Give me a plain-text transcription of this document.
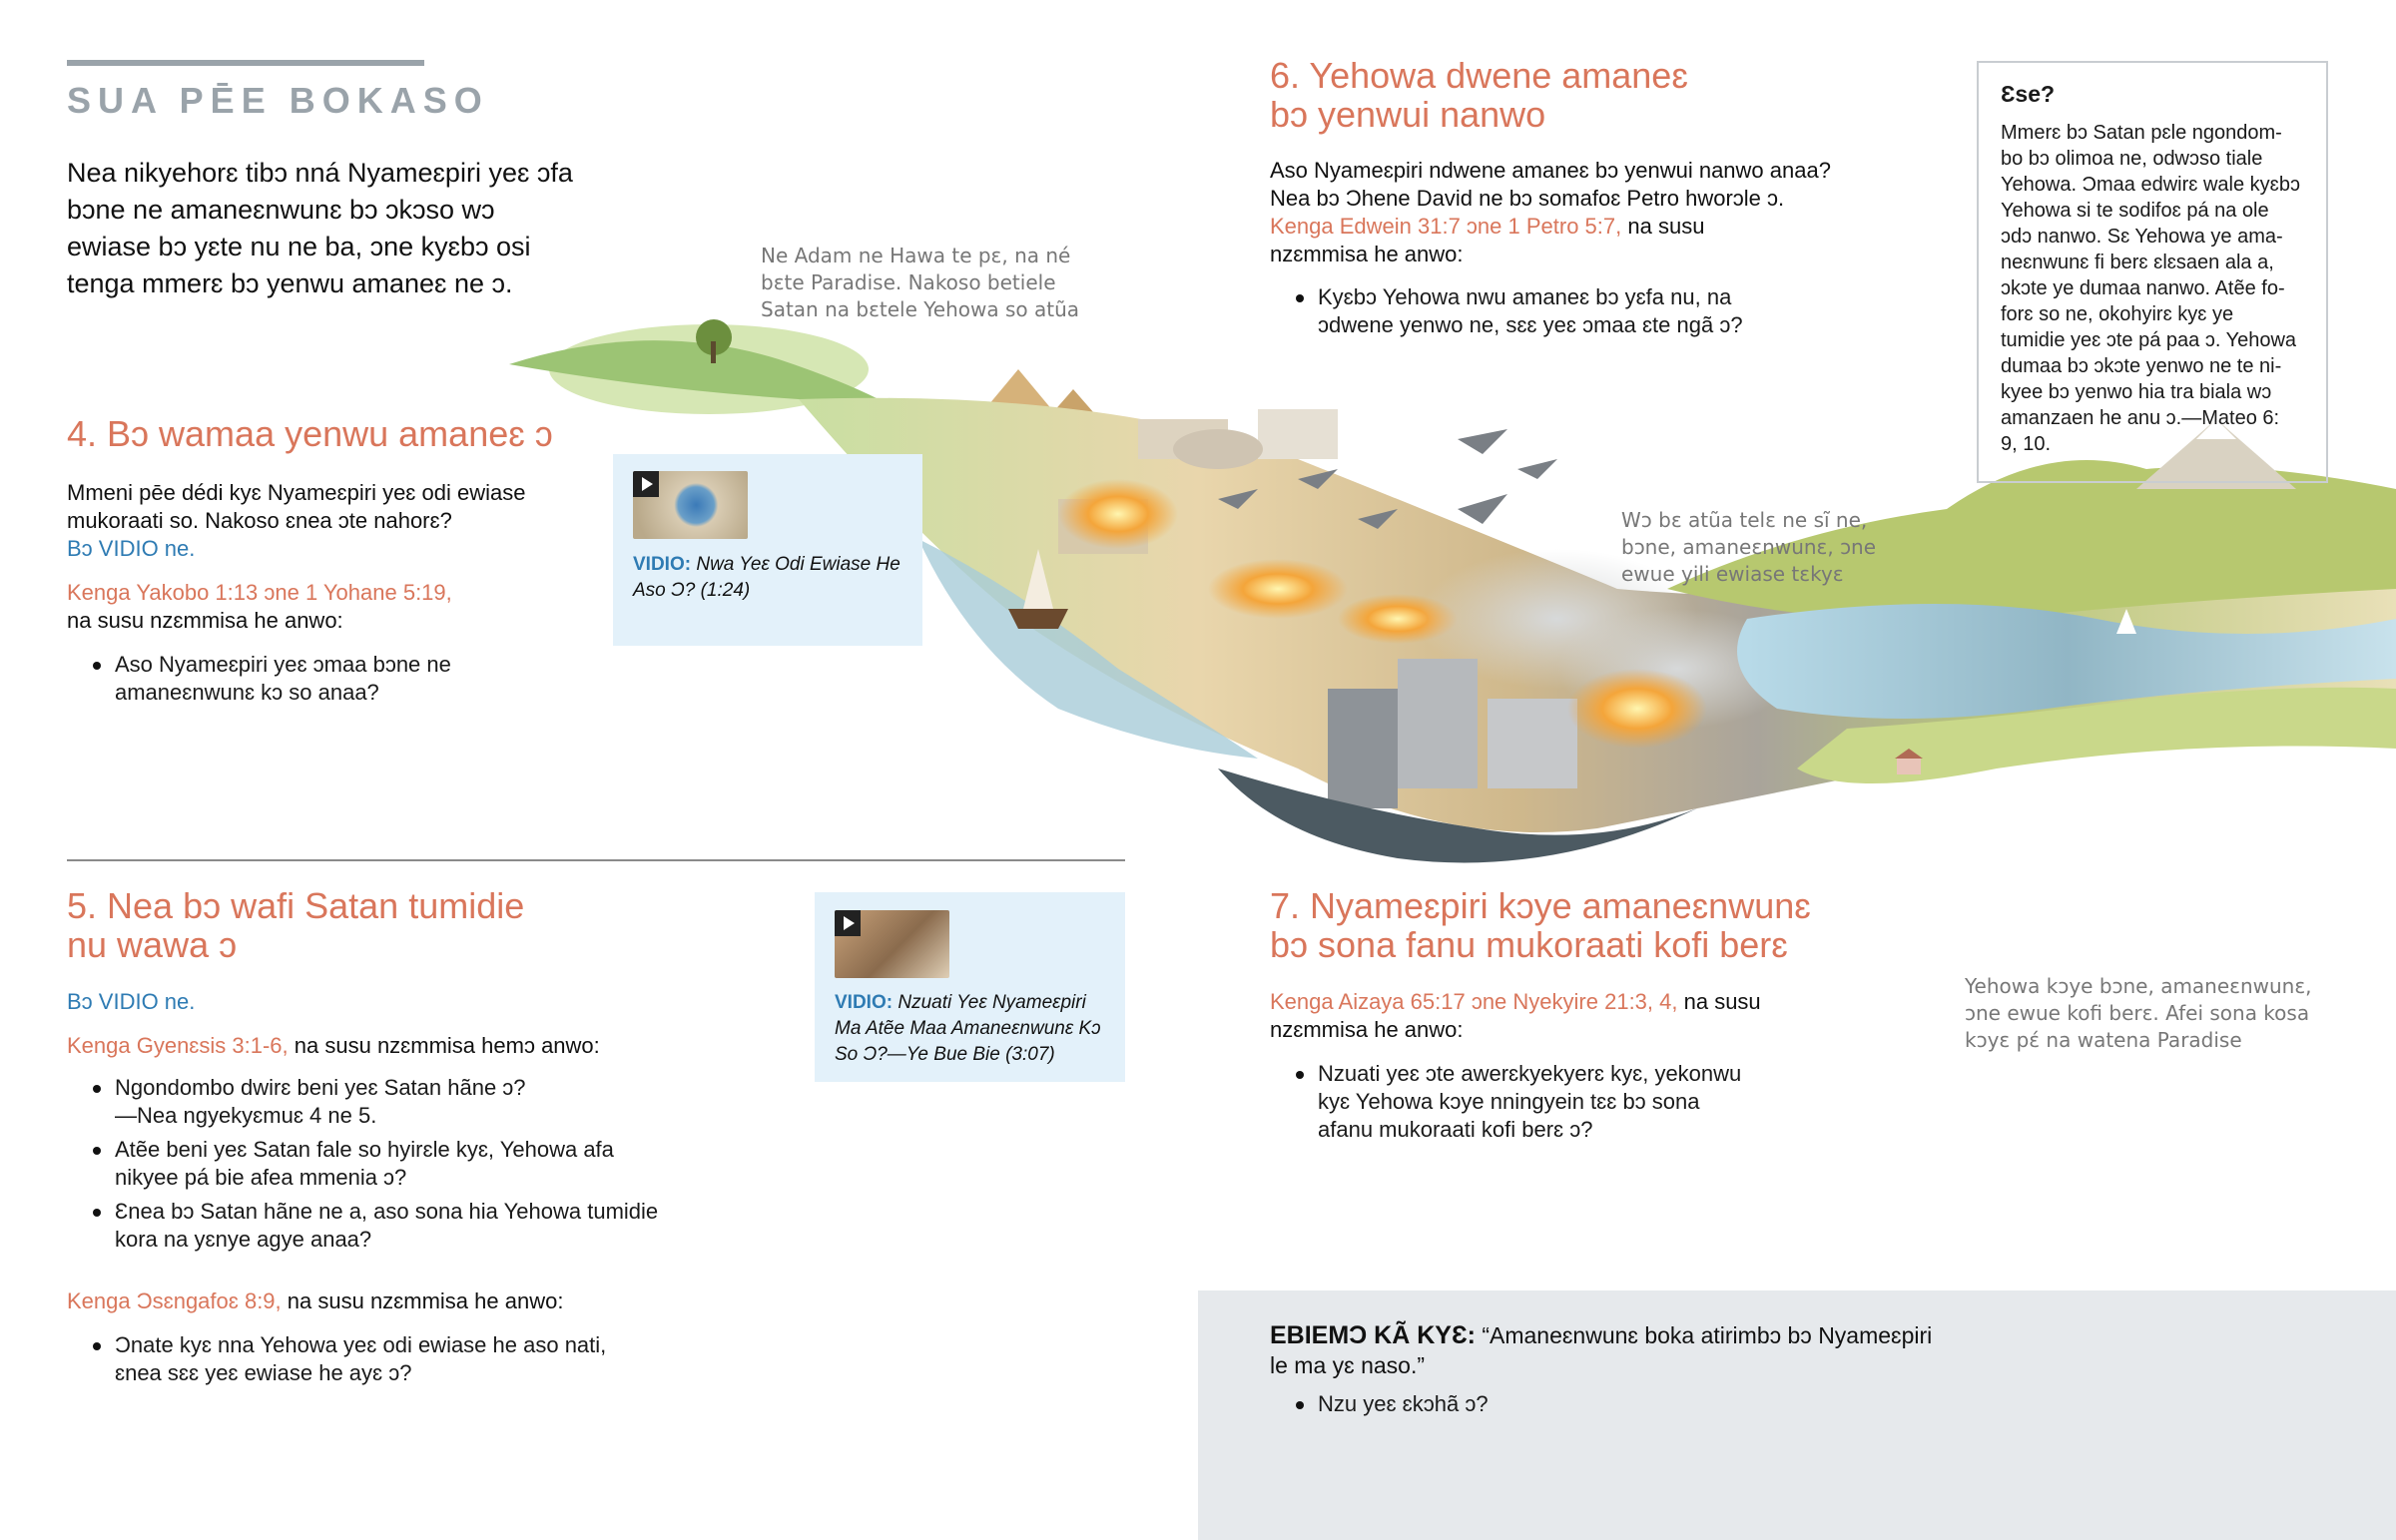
SUA PĒE BOKASO
Nea nikyehorɛ tibɔ nná Nyameɛpiri yeɛ ɔfa bɔne ne amaneɛnwunɛ bɔ ɔkɔso wɔ ewiase bɔ yɛte nu ne ba, ɔne kyɛbɔ osi tenga mmerɛ bɔ yenwu amaneɛ ne ɔ.
Ne Adam ne Hawa te pɛ, na né
bɛte Paradise. Nakoso betiele
Satan na bɛtele Yehowa so atũa
4. Bɔ wamaa yenwu amaneɛ ɔ
Mmeni pēe dédi kyɛ Nyameɛpiri yeɛ odi ewiase mukoraati so. Nakoso ɛnea ɔte nahorɛ?
Bɔ VIDIO ne.
Kenga Yakobo 1:13 ɔne 1 Yohane 5:19,
na susu nzɛmmisa he anwo:
Aso Nyameɛpiri yeɛ ɔmaa bɔne ne amaneɛnwunɛ kɔ so anaa?
VIDIO: Nwa Yeɛ Odi Ewiase He Aso Ɔ? (1:24)
5. Nea bɔ wafi Satan tumidie
nu wawa ɔ
Bɔ VIDIO ne.
Kenga Gyenɛsis 3:1-6, na susu nzɛmmisa hemɔ anwo:
Ngondombo dwirɛ beni yeɛ Satan hãne ɔ?
—Nea ngyekyɛmuɛ 4 ne 5.
Atẽe beni yeɛ Satan fale so hyirɛle kyɛ, Yehowa afa
nikyee pá bie afea mmenia ɔ?
Ɛnea bɔ Satan hãne ne a, aso sona hia Yehowa tumidie
kora na yɛnye agye anaa?
Kenga Ɔsɛngafoɛ 8:9, na susu nzɛmmisa he anwo:
Ɔnate kyɛ nna Yehowa yeɛ odi ewiase he aso nati,
ɛnea sɛɛ yeɛ ewiase he ayɛ ɔ?
VIDIO: Nzuati Yeɛ Nyameɛpiri Ma Atẽe Maa Amaneɛnwunɛ Kɔ So Ɔ?—Ye Bue Bie (3:07)
6. Yehowa dwene amaneɛ
bɔ yenwui nanwo
Aso Nyameɛpiri ndwene amaneɛ bɔ yenwui nanwo anaa?
Nea bɔ Ɔhene David ne bɔ somafoɛ Petro hworɔle ɔ.
Kenga Edwein 31:7 ɔne 1 Petro 5:7, na susu
nzɛmmisa he anwo:
Kyɛbɔ Yehowa nwu amaneɛ bɔ yɛfa nu, na
ɔdwene yenwo ne, sɛɛ yeɛ ɔmaa ɛte ngã ɔ?
Ɛse?
Mmerɛ bɔ Satan pɛle ngondom-
bo bɔ olimoa ne, odwɔso tiale
Yehowa. Ɔmaa edwirɛ wale kyɛbɔ
Yehowa si te sodifoɛ pá na ole
ɔdɔ nanwo. Sɛ Yehowa ye ama-
neɛnwunɛ fi berɛ ɛlɛsaen ala a,
ɔkɔte ye dumaa nanwo. Atẽe fo-
forɛ so ne, okohyirɛ kyɛ ye
tumidie yeɛ ɔte pá paa ɔ. Yehowa
dumaa bɔ ɔkɔte yenwo ne te ni-
kyee bɔ yenwo hia tra biala wɔ
amanzaen he anu ɔ.—Mateo 6:
9, 10.
Wɔ bɛ atũa telɛ ne sĩ ne,
bɔne, amaneɛnwunɛ, ɔne
ewue yili ewiase tɛkyɛ
7. Nyameɛpiri kɔye amaneɛnwunɛ
bɔ sona fanu mukoraati kofi berɛ
Kenga Aizaya 65:17 ɔne Nyekyire 21:3, 4, na susu
nzɛmmisa he anwo:
Nzuati yeɛ ɔte awerɛkyekyerɛ kyɛ, yekonwu
kyɛ Yehowa kɔye nningyein tɛɛ bɔ sona
afanu mukoraati kofi berɛ ɔ?
Yehowa kɔye bɔne, amaneɛnwunɛ,
ɔne ewue kofi berɛ. Afei sona kosa
kɔyɛ pɛ́ na watena Paradise
EBIEMƆ KÃ KYƐ: “Amaneɛnwunɛ boka atirimbɔ bɔ Nyameɛpiri
le ma yɛ naso.”
Nzu yeɛ ɛkɔhã ɔ?
